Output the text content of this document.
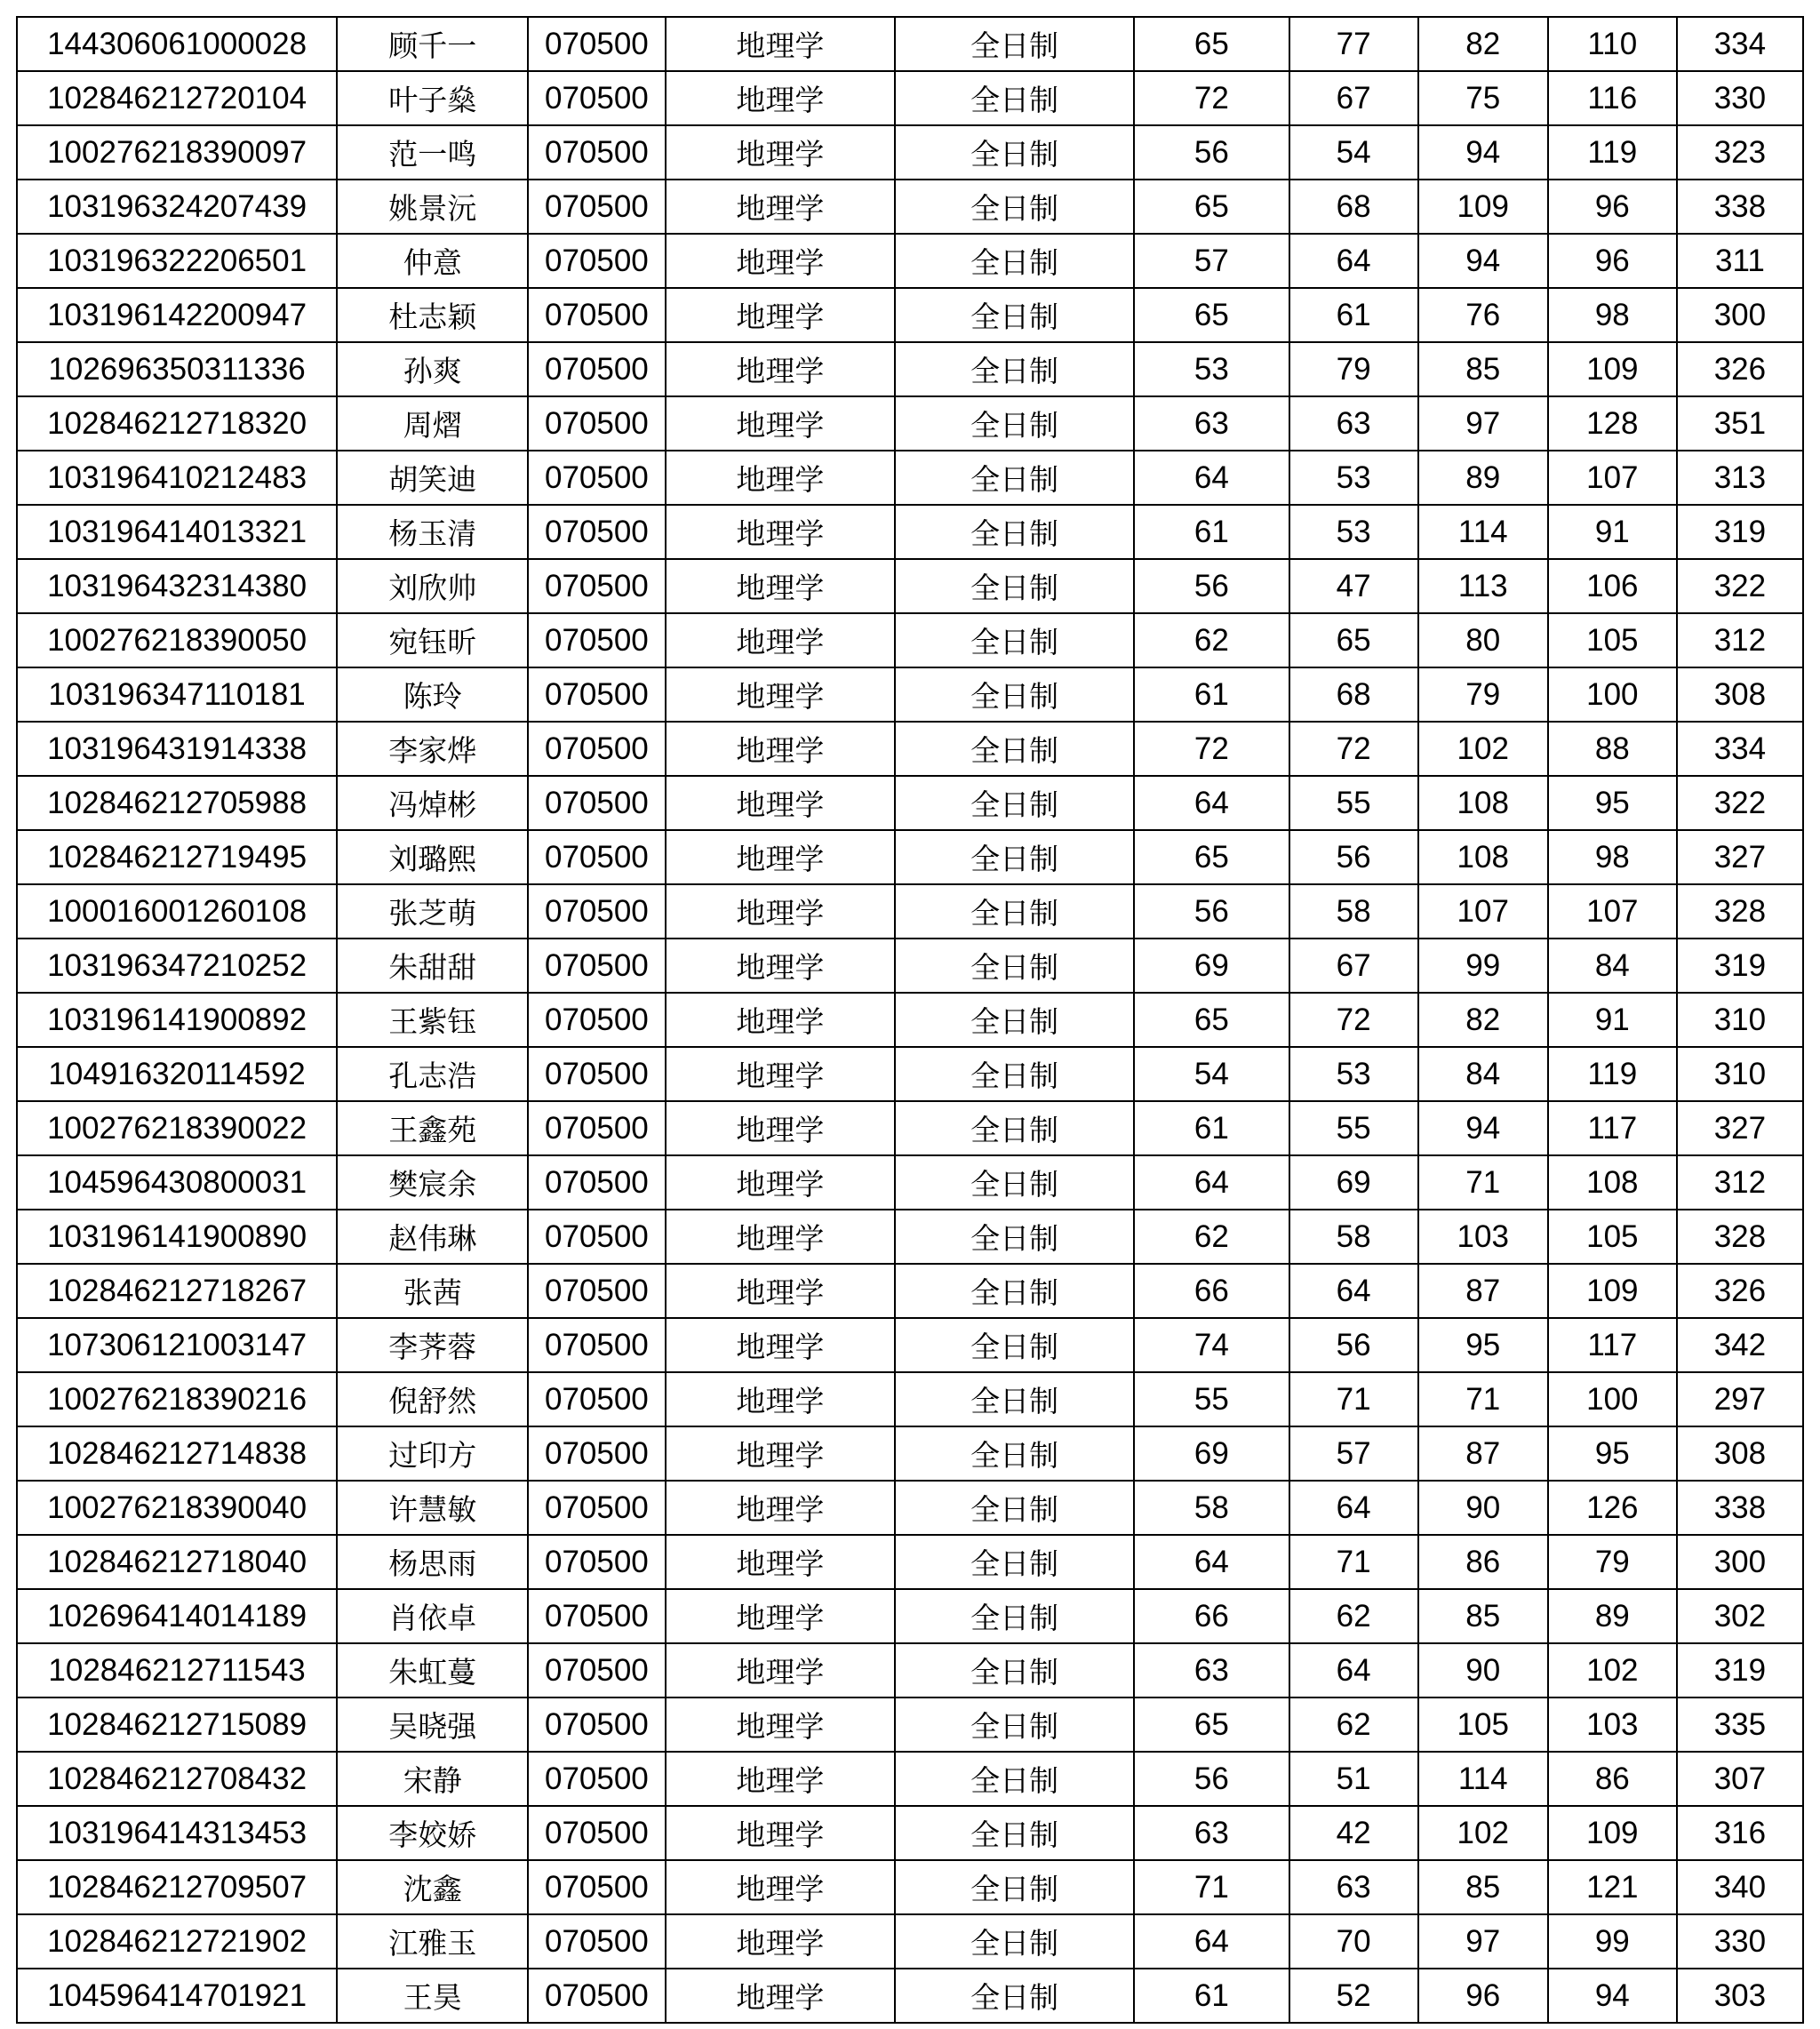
144306061000028	顾千一	070500	地理学	全日制	65	77	82	110	334
102846212720104	叶子燊	070500	地理学	全日制	72	67	75	116	330
100276218390097	范一鸣	070500	地理学	全日制	56	54	94	119	323
103196324207439	姚景沅	070500	地理学	全日制	65	68	109	96	338
103196322206501	仲意	070500	地理学	全日制	57	64	94	96	311
103196142200947	杜志颖	070500	地理学	全日制	65	61	76	98	300
102696350311336	孙爽	070500	地理学	全日制	53	79	85	109	326
102846212718320	周熠	070500	地理学	全日制	63	63	97	128	351
103196410212483	胡笑迪	070500	地理学	全日制	64	53	89	107	313
103196414013321	杨玉清	070500	地理学	全日制	61	53	114	91	319
103196432314380	刘欣帅	070500	地理学	全日制	56	47	113	106	322
100276218390050	宛钰昕	070500	地理学	全日制	62	65	80	105	312
103196347110181	陈玲	070500	地理学	全日制	61	68	79	100	308
103196431914338	李家烨	070500	地理学	全日制	72	72	102	88	334
102846212705988	冯焯彬	070500	地理学	全日制	64	55	108	95	322
102846212719495	刘璐熙	070500	地理学	全日制	65	56	108	98	327
100016001260108	张芝萌	070500	地理学	全日制	56	58	107	107	328
103196347210252	朱甜甜	070500	地理学	全日制	69	67	99	84	319
103196141900892	王紫钰	070500	地理学	全日制	65	72	82	91	310
104916320114592	孔志浩	070500	地理学	全日制	54	53	84	119	310
100276218390022	王鑫苑	070500	地理学	全日制	61	55	94	117	327
104596430800031	樊宸余	070500	地理学	全日制	64	69	71	108	312
103196141900890	赵伟琳	070500	地理学	全日制	62	58	103	105	328
102846212718267	张茜	070500	地理学	全日制	66	64	87	109	326
107306121003147	李荠蓉	070500	地理学	全日制	74	56	95	117	342
100276218390216	倪舒然	070500	地理学	全日制	55	71	71	100	297
102846212714838	过印方	070500	地理学	全日制	69	57	87	95	308
100276218390040	许慧敏	070500	地理学	全日制	58	64	90	126	338
102846212718040	杨思雨	070500	地理学	全日制	64	71	86	79	300
102696414014189	肖依卓	070500	地理学	全日制	66	62	85	89	302
102846212711543	朱虹蔓	070500	地理学	全日制	63	64	90	102	319
102846212715089	吴晓强	070500	地理学	全日制	65	62	105	103	335
102846212708432	宋静	070500	地理学	全日制	56	51	114	86	307
103196414313453	李姣娇	070500	地理学	全日制	63	42	102	109	316
102846212709507	沈鑫	070500	地理学	全日制	71	63	85	121	340
102846212721902	江雅玉	070500	地理学	全日制	64	70	97	99	330
104596414701921	王昊	070500	地理学	全日制	61	52	96	94	303
